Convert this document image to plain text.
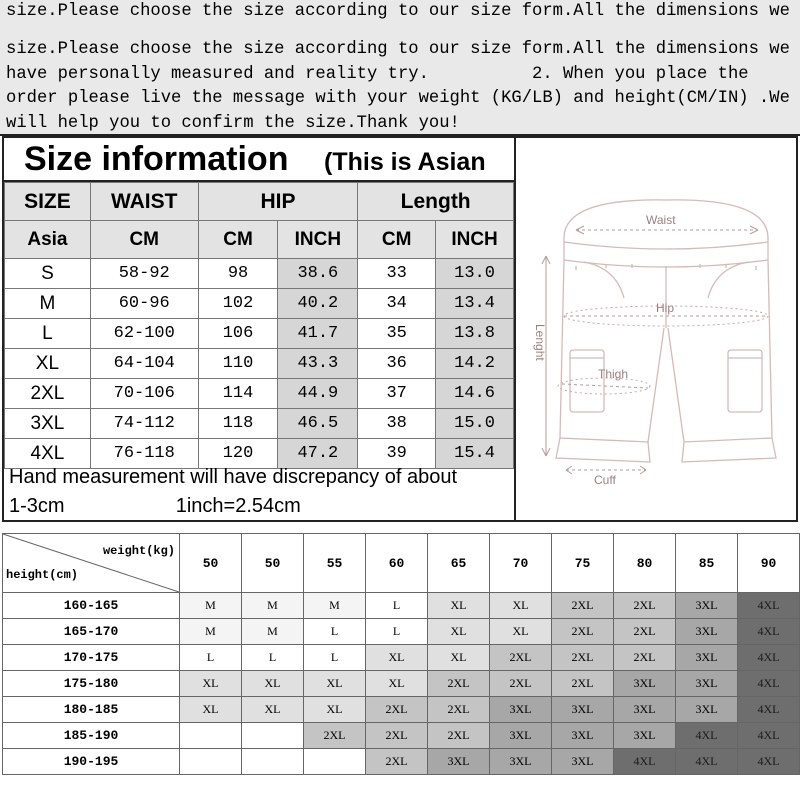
size.Please choose the size according to our size form.All the dimensions we
size.Please choose the size according to our size form.All the dimensions we
have personally measured and reality try.          2. When you place the
order please live the message with your weight (KG/LB) and height(CM/IN) .We
will help you to confirm the size.Thank you!
Size information (This is Asian
SIZE	WAIST	HIP		Length	
Asia	CM	CM	INCH	CM	INCH
S	58-92	98	38.6	33	13.0
M	60-96	102	40.2	34	13.4
L	62-100	106	41.7	35	13.8
XL	64-104	110	43.3	36	14.2
2XL	70-106	114	44.9	37	14.6
3XL	74-112	118	46.5	38	15.0
4XL	76-118	120	47.2	39	15.4
Hand measurement will have discrepancy of about
1-3cm                    1inch=2.54cm
Waist
Hip
Thigh
Cuff
Lenght
weight(kg)
height(cm)	50	50	55	60	65	70	75	80	85	90
160-165	M	M	M	L	XL	XL	2XL	2XL	3XL	4XL
165-170	M	M	L	L	XL	XL	2XL	2XL	3XL	4XL
170-175	L	L	L	XL	XL	2XL	2XL	2XL	3XL	4XL
175-180	XL	XL	XL	XL	2XL	2XL	2XL	3XL	3XL	4XL
180-185	XL	XL	XL	2XL	2XL	3XL	3XL	3XL	3XL	4XL
185-190			2XL	2XL	2XL	3XL	3XL	3XL	4XL	4XL
190-195				2XL	3XL	3XL	3XL	4XL	4XL	4XL
